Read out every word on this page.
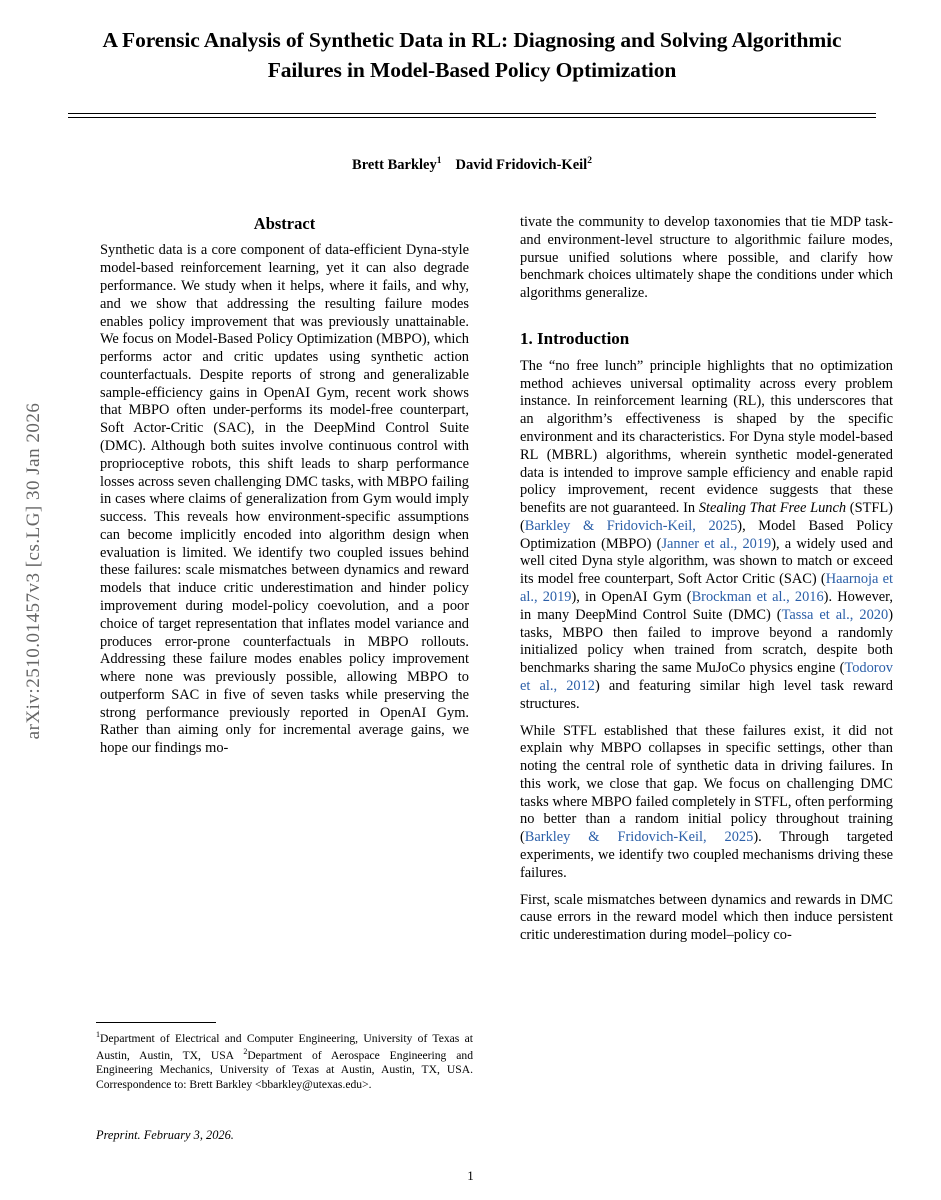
arXiv:2510.01457v3 [cs.LG] 30 Jan 2026
A Forensic Analysis of Synthetic Data in RL: Diagnosing and Solving Algorithmic Failures in Model-Based Policy Optimization
Brett Barkley$^1$ David Fridovich-Keil$^2$
Abstract

Synthetic data is a core component of data-efficient Dyna-style model-based reinforcement learning, yet it can also degrade performance. We study when it helps, where it fails, and why, and we show that addressing the resulting failure modes enables policy improvement that was previously unattainable. We focus on Model-Based Policy Optimization (MBPO), which performs actor and critic updates using synthetic action counterfactuals. Despite reports of strong and generalizable sample-efficiency gains in OpenAI Gym, recent work shows that MBPO often under-performs its model-free counterpart, Soft Actor-Critic (SAC), in the DeepMind Control Suite (DMC). Although both suites involve continuous control with proprioceptive robots, this shift leads to sharp performance losses across seven challenging DMC tasks, with MBPO failing in cases where claims of generalization from Gym would imply success. This reveals how environment-specific assumptions can become implicitly encoded into algorithm design when evaluation is limited. We identify two coupled issues behind these failures: scale mismatches between dynamics and reward models that induce critic underestimation and hinder policy improvement during model-policy coevolution, and a poor choice of target representation that inflates model variance and produces error-prone counterfactuals in MBPO rollouts. Addressing these failure modes enables policy improvement where none was previously possible, allowing MBPO to outperform SAC in five of seven tasks while preserving the strong performance previously reported in OpenAI Gym. Rather than aiming only for incremental average gains, we hope our findings mo-

tivate the community to develop taxonomies that tie MDP task- and environment-level structure to algorithmic failure modes, pursue unified solutions where possible, and clarify how benchmark choices ultimately shape the conditions under which algorithms generalize.

1. Introduction

The “no free lunch” principle highlights that no optimization method achieves universal optimality across every problem instance. In reinforcement learning (RL), this underscores that an algorithm’s effectiveness is shaped by the specific environment and its characteristics. For Dyna style model-based RL (MBRL) algorithms, wherein synthetic model-generated data is intended to improve sample efficiency and enable rapid policy improvement, recent evidence suggests that these benefits are not guaranteed. In Stealing That Free Lunch (STFL) (Barkley & Fridovich-Keil, 2025), Model Based Policy Optimization (MBPO) (Janner et al., 2019), a widely used and well cited Dyna style algorithm, was shown to match or exceed its model free counterpart, Soft Actor Critic (SAC) (Haarnoja et al., 2019), in OpenAI Gym (Brockman et al., 2016). However, in many DeepMind Control Suite (DMC) (Tassa et al., 2020) tasks, MBPO then failed to improve beyond a randomly initialized policy when trained from scratch, despite both benchmarks sharing the same MuJoCo physics engine (Todorov et al., 2012) and featuring similar high level task reward structures.

While STFL established that these failures exist, it did not explain why MBPO collapses in specific settings, other than noting the central role of synthetic data in driving failures. In this work, we close that gap. We focus on challenging DMC tasks where MBPO failed completely in STFL, often performing no better than a random initial policy throughout training (Barkley & Fridovich-Keil, 2025). Through targeted experiments, we identify two coupled mechanisms driving these failures.

First, scale mismatches between dynamics and rewards in DMC cause errors in the reward model which then induce persistent critic underestimation during model–policy co-

$^1$Department of Electrical and Computer Engineering, University of Texas at Austin, Austin, TX, USA $^2$Department of Aerospace Engineering and Engineering Mechanics, University of Texas at Austin, Austin, TX, USA. Correspondence to: Brett Barkley <bbarkley@utexas.edu>.
Preprint. February 3, 2026.
1
